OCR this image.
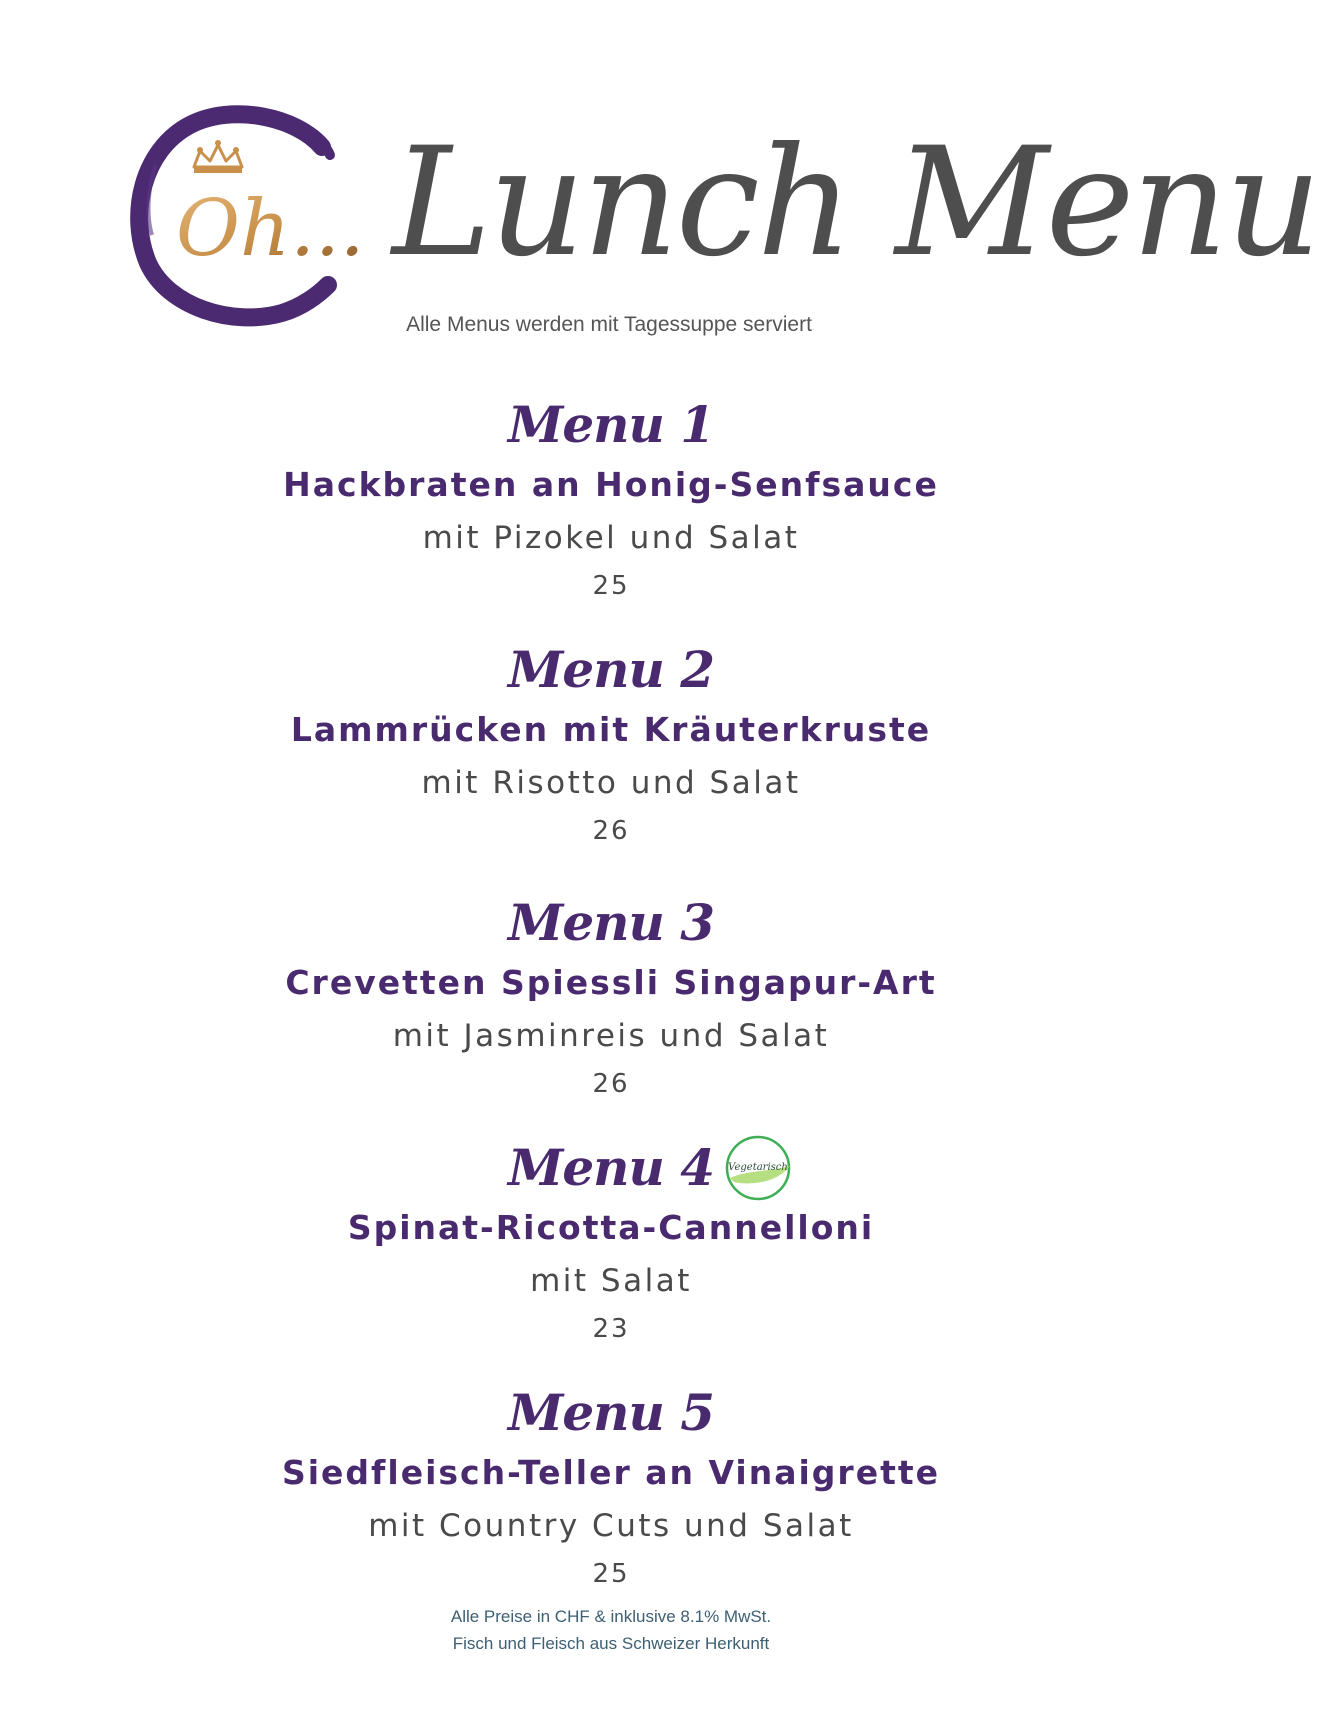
Oh... Lunch Menu
Alle Menus werden mit Tagessuppe serviert
Menu 1
Hackbraten an Honig-Senfsauce
mit Pizokel und Salat
25
Menu 2
Lammrücken mit Kräuterkruste
mit Risotto und Salat
26
Menu 3
Crevetten Spiessli Singapur-Art
mit Jasminreis und Salat
26
Menu 4
Spinat-Ricotta-Cannelloni
mit Salat
23
Vegetarisch
Menu 5
Siedfleisch-Teller an Vinaigrette
mit Country Cuts und Salat
25
Alle Preise in CHF & inklusive 8.1% MwSt.
Fisch und Fleisch aus Schweizer Herkunft
